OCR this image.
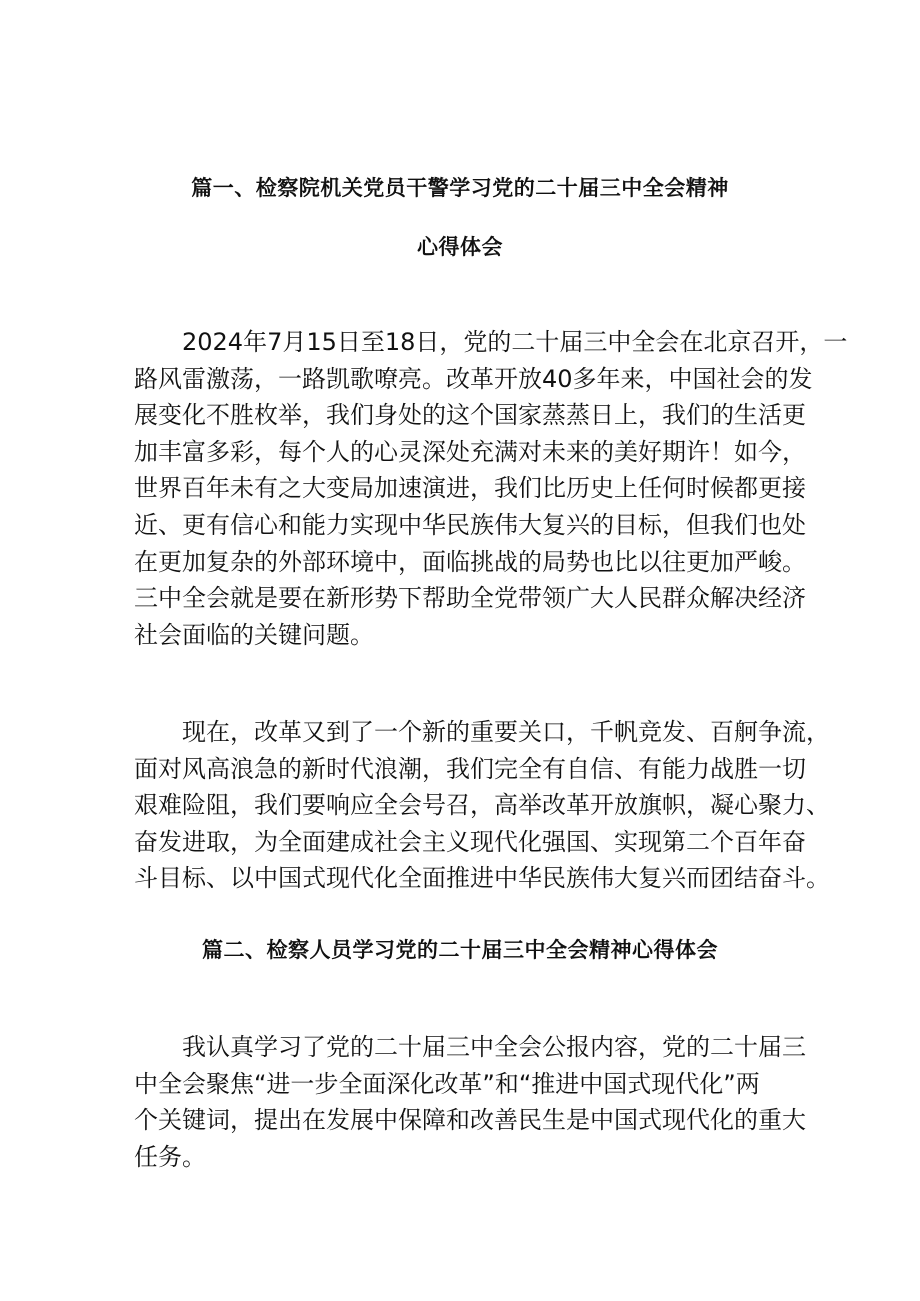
篇一、检察院机关党员干警学习党的二十届三中全会精神
心得体会
2024年7月15日至18日，党的二十届三中全会在北京召开，一
路风雷激荡，一路凯歌嘹亮。改革开放40多年来，中国社会的发
展变化不胜枚举，我们身处的这个国家蒸蒸日上，我们的生活更
加丰富多彩，每个人的心灵深处充满对未来的美好期许！如今，
世界百年未有之大变局加速演进，我们比历史上任何时候都更接
近、更有信心和能力实现中华民族伟大复兴的目标，但我们也处
在更加复杂的外部环境中，面临挑战的局势也比以往更加严峻。
三中全会就是要在新形势下帮助全党带领广大人民群众解决经济
社会面临的关键问题。
现在，改革又到了一个新的重要关口，千帆竞发、百舸争流，
面对风高浪急的新时代浪潮，我们完全有自信、有能力战胜一切
艰难险阻，我们要响应全会号召，高举改革开放旗帜，凝心聚力、
奋发进取，为全面建成社会主义现代化强国、实现第二个百年奋
斗目标、以中国式现代化全面推进中华民族伟大复兴而团结奋斗。
篇二、检察人员学习党的二十届三中全会精神心得体会
我认真学习了党的二十届三中全会公报内容，党的二十届三
中全会聚焦“进一步全面深化改革”和“推进中国式现代化”两
个关键词，提出在发展中保障和改善民生是中国式现代化的重大
任务。
